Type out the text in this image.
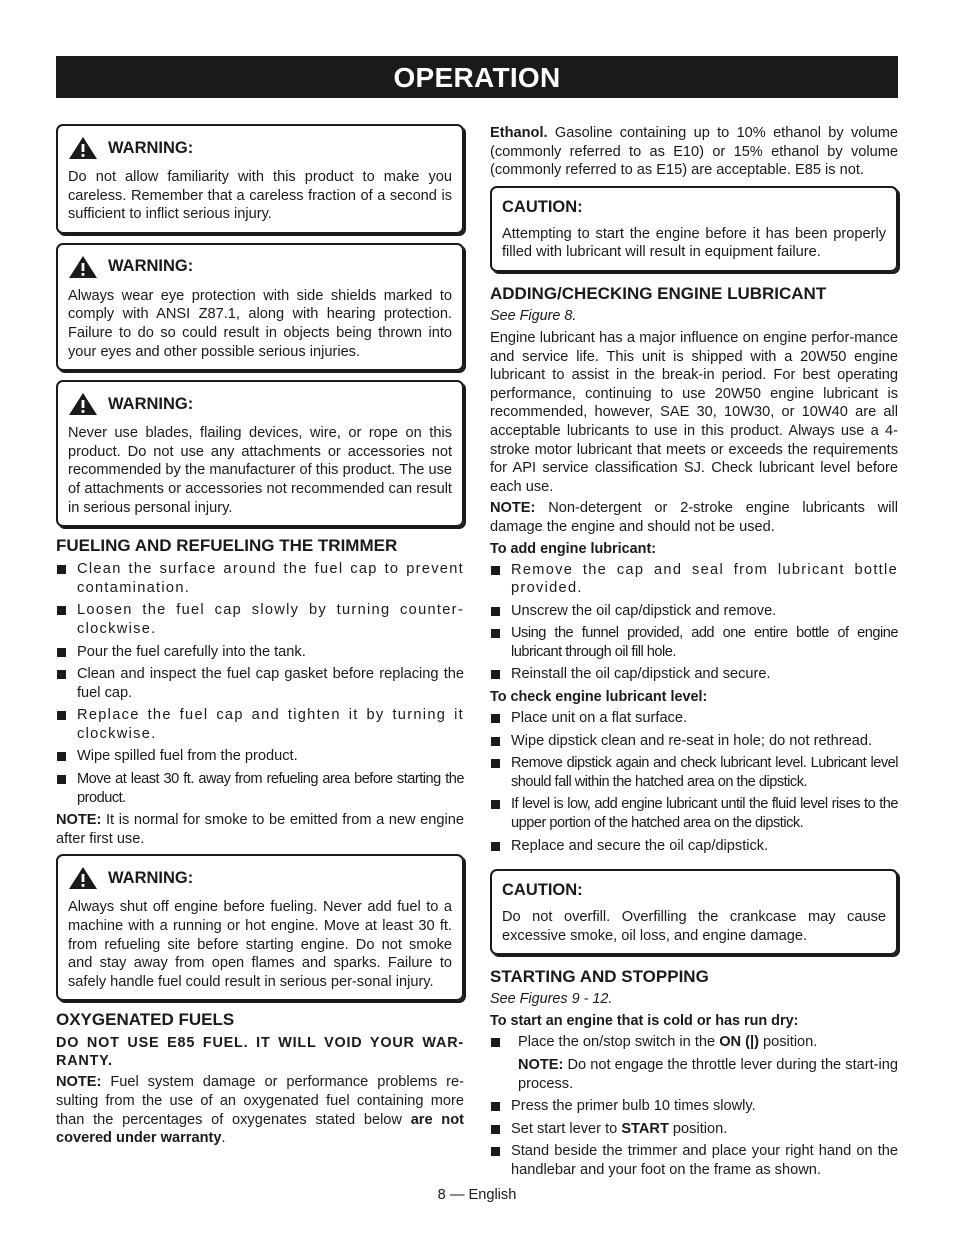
OPERATION
WARNING:
Do not allow familiarity with this product to make you careless. Remember that a careless fraction of a second is sufficient to inflict serious injury.
WARNING:
Always wear eye protection with side shields marked to comply with ANSI Z87.1, along with hearing protection. Failure to do so could result in objects being thrown into your eyes and other possible serious injuries.
WARNING:
Never use blades, flailing devices, wire, or rope on this product. Do not use any attachments or accessories not recommended by the manufacturer of this product. The use of attachments or accessories not recommended can result in serious personal injury.
FUELING AND REFUELING THE TRIMMER
Clean the surface around the fuel cap to prevent contamination.
Loosen the fuel cap slowly by turning counter-clockwise.
Pour the fuel carefully into the tank.
Clean and inspect the fuel cap gasket before replacing the fuel cap.
Replace the fuel cap and tighten it by turning it clockwise.
Wipe spilled fuel from the product.
Move at least 30 ft. away from refueling area before starting the product.

NOTE: It is normal for smoke to be emitted from a new engine after first use.

WARNING:
Always shut off engine before fueling. Never add fuel to a machine with a running or hot engine. Move at least 30 ft. from refueling site before starting engine. Do not smoke and stay away from open flames and sparks. Failure to safely handle fuel could result in serious per-sonal injury.
OXYGENATED FUELS

DO NOT USE E85 FUEL. IT WILL VOID YOUR WAR-RANTY.

NOTE: Fuel system damage or performance problems re-sulting from the use of an oxygenated fuel containing more than the percentages of oxygenates stated below are not covered under warranty.

Ethanol. Gasoline containing up to 10% ethanol by volume (commonly referred to as E10) or 15% ethanol by volume (commonly referred to as E15) are acceptable. E85 is not.

CAUTION:
Attempting to start the engine before it has been properly filled with lubricant will result in equipment failure.
ADDING/CHECKING ENGINE LUBRICANT

See Figure 8.

Engine lubricant has a major influence on engine perfor-mance and service life. This unit is shipped with a 20W50 engine lubricant to assist in the break-in period. For best operating performance, continuing to use 20W50 engine lubricant is recommended, however, SAE 30, 10W30, or 10W40 are all acceptable lubricants to use in this product. Always use a 4-stroke motor lubricant that meets or exceeds the requirements for API service classification SJ. Check lubricant level before each use.

NOTE: Non-detergent or 2-stroke engine lubricants will damage the engine and should not be used.

To add engine lubricant:

Remove the cap and seal from lubricant bottle provided.
Unscrew the oil cap/dipstick and remove.
Using the funnel provided, add one entire bottle of engine lubricant through oil fill hole.
Reinstall the oil cap/dipstick and secure.

To check engine lubricant level:

Place unit on a flat surface.
Wipe dipstick clean and re-seat in hole; do not rethread.
Remove dipstick again and check lubricant level. Lubricant level should fall within the hatched area on the dipstick.
If level is low, add engine lubricant until the fluid level rises to the upper portion of the hatched area on the dipstick.
Replace and secure the oil cap/dipstick.
CAUTION:
Do not overfill. Overfilling the crankcase may cause excessive smoke, oil loss, and engine damage.
STARTING AND STOPPING

See Figures 9 - 12.

To start an engine that is cold or has run dry:

Place the on/stop switch in the ON (|) position.

NOTE: Do not engage the throttle lever during the start-ing process.

Press the primer bulb 10 times slowly.
Set start lever to START position.
Stand beside the trimmer and place your right hand on the handlebar and your foot on the frame as shown.
8 — English
